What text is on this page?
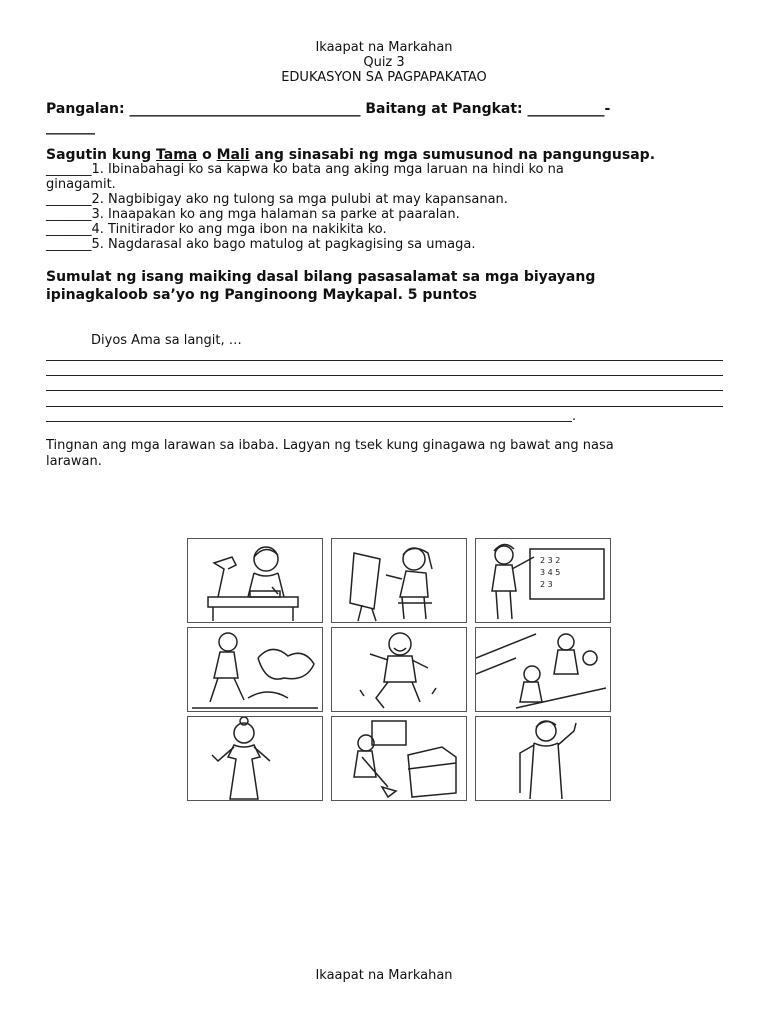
Ikaapat na Markahan
Quiz 3
EDUKASYON SA PAGPAPAKATAO
Pangalan: _________________________________ Baitang at Pangkat: ___________-
_______
Sagutin kung Tama o Mali ang sinasabi ng mga sumusunod na pangungusap.
_______1. Ibinabahagi ko sa kapwa ko bata ang aking mga laruan na hindi ko na
ginagamit.
_______2. Nagbibigay ako ng tulong sa mga pulubi at may kapansanan.
_______3. Inaapakan ko ang mga halaman sa parke at paaralan.
_______4. Tinitirador ko ang mga ibon na nakikita ko.
_______5. Nagdarasal ako bago matulog at pagkagising sa umaga.
Sumulat ng isang maiking dasal bilang pasasalamat sa mga biyayang
ipinagkaloob sa’yo ng Panginoong Maykapal. 5 puntos
Diyos Ama sa langit, …
.
Tingnan ang mga larawan sa ibaba. Lagyan ng tsek kung ginagawa ng bawat ang nasa
larawan.
2 3 2
3 4 5
2 3
Ikaapat na Markahan
